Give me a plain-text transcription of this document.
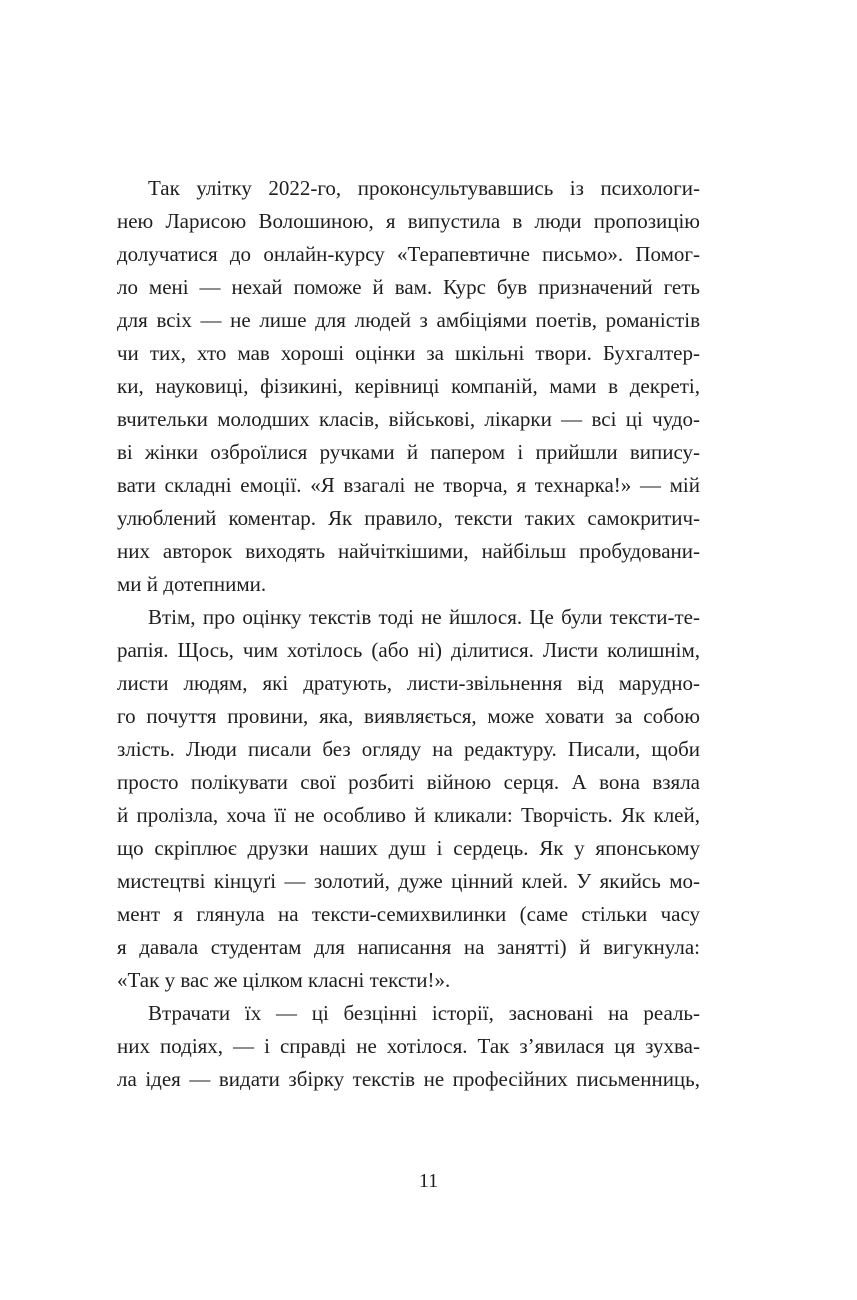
Так улітку 2022-го, проконсультувавшись із психологи-
нею Ларисою Волошиною, я випустила в люди пропозицію
долучатися до онлайн-курсу «Терапевтичне письмо». Помог-
ло мені — нехай поможе й вам. Курс був призначений геть
для всіх — не лише для людей з амбіціями поетів, романістів
чи тих, хто мав хороші оцінки за шкільні твори. Бухгалтер-
ки, науковиці, фізикині, керівниці компаній, мами в декреті,
вчительки молодших класів, військові, лікарки — всі ці чудо-
ві жінки озброїлися ручками й папером і прийшли випису-
вати складні емоції. «Я взагалі не творча, я технарка!» — мій
улюблений коментар. Як правило, тексти таких самокритич-
них авторок виходять найчіткішими, найбільш пробудовани-
ми й дотепними.
Втім, про оцінку текстів тоді не йшлося. Це були тексти-те-
рапія. Щось, чим хотілось (або ні) ділитися. Листи колишнім,
листи людям, які дратують, листи-звільнення від марудно-
го почуття провини, яка, виявляється, може ховати за собою
злість. Люди писали без огляду на редактуру. Писали, щоби
просто полікувати свої розбиті війною серця. А вона взяла
й пролізла, хоча її не особливо й кликали: Творчість. Як клей,
що скріплює друзки наших душ і сердець. Як у японському
мистецтві кінцуґі — золотий, дуже цінний клей. У якийсь мо-
мент я глянула на тексти-семихвилинки (саме стільки часу
я давала студентам для написання на занятті) й вигукнула:
«Так у вас же цілком класні тексти!».
Втрачати їх — ці безцінні історії, засновані на реаль-
них подіях, — і справді не хотілося. Так з’явилася ця зухва-
ла ідея — видати збірку текстів не професійних письменниць,
11
